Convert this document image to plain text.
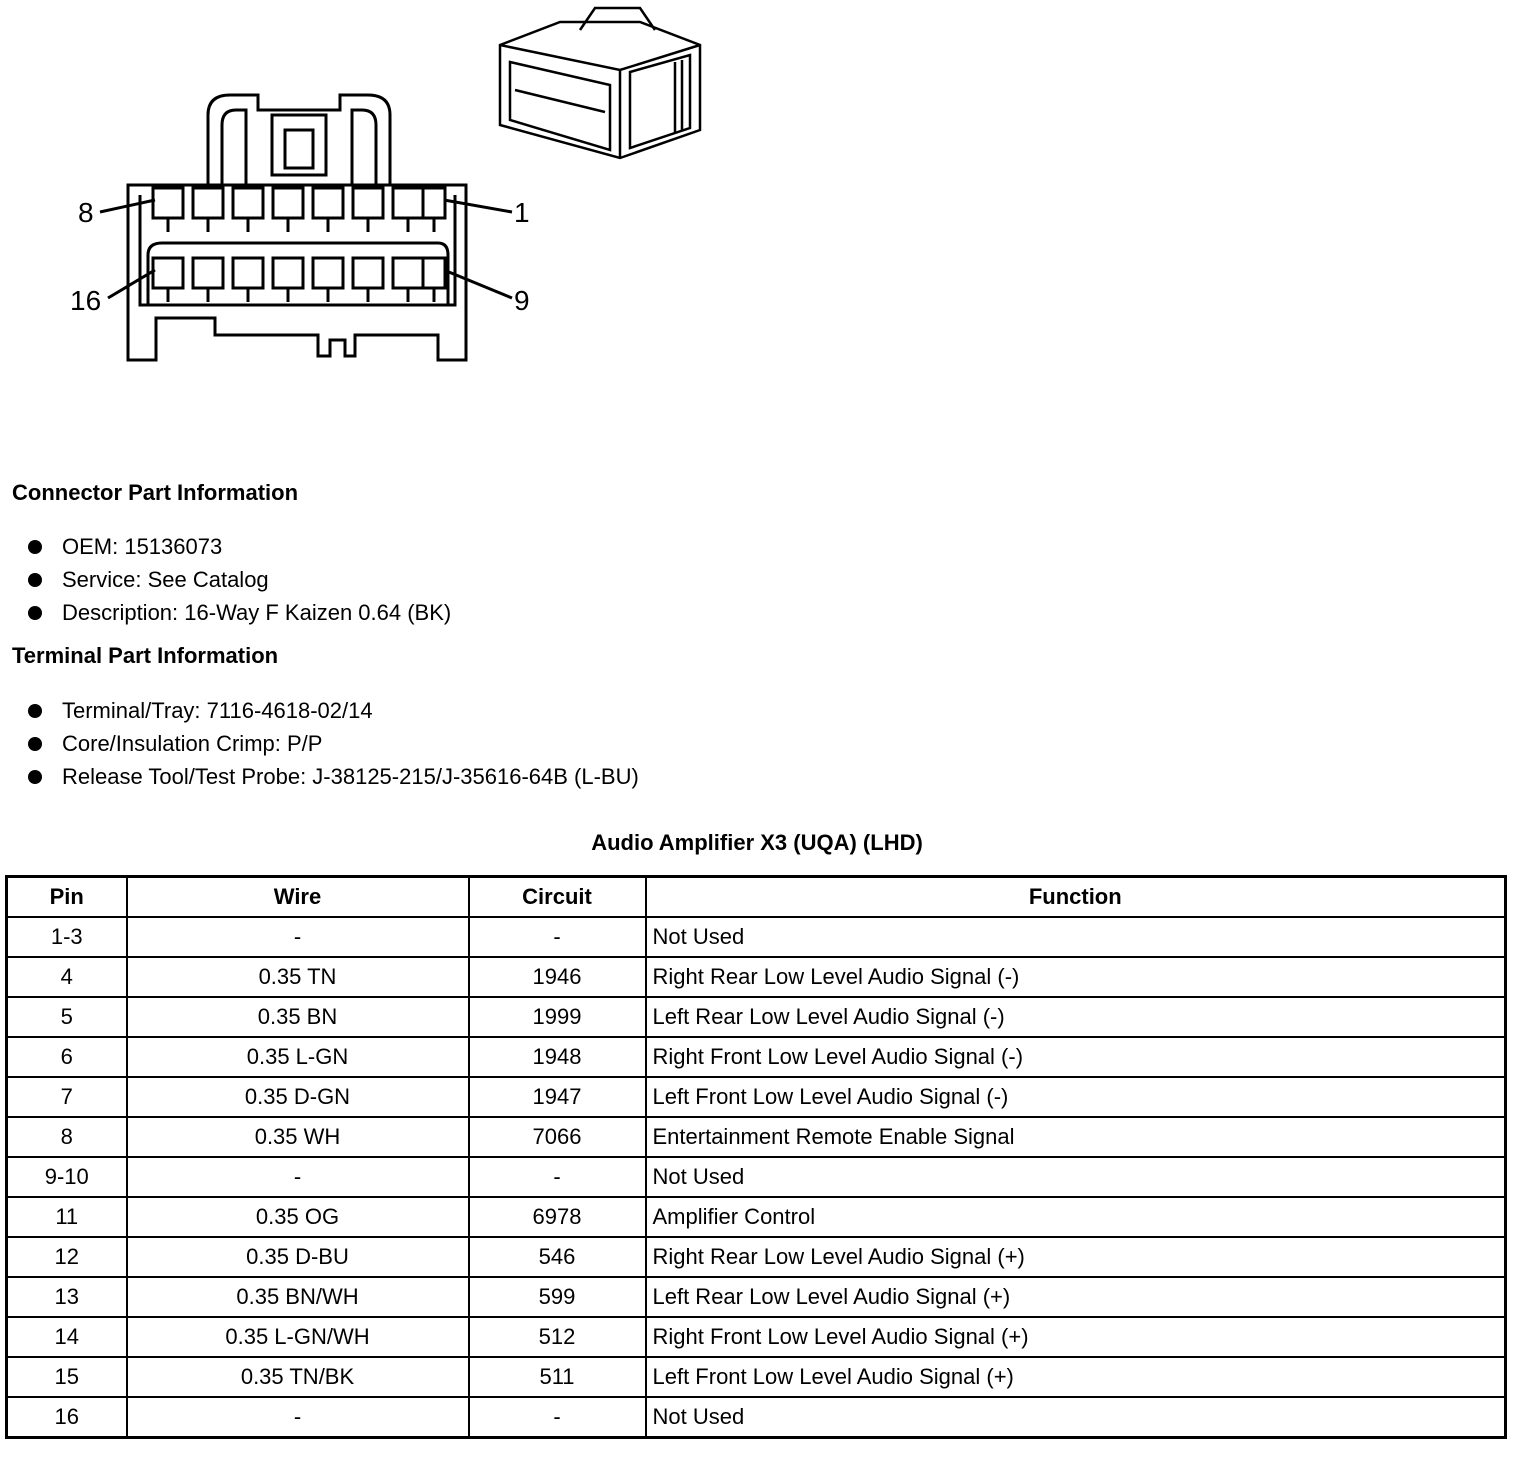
8	1
16	9
Connector Part Information
OEM: 15136073
Service: See Catalog
Description: 16-Way F Kaizen 0.64 (BK)
Terminal Part Information
Terminal/Tray: 7116-4618-02/14
Core/Insulation Crimp: P/P
Release Tool/Test Probe: J-38125-215/J-35616-64B (L-BU)
Audio Amplifier X3 (UQA) (LHD)
Pin	Wire	Circuit	Function
1-3	-	-	Not Used
4	0.35 TN	1946	Right Rear Low Level Audio Signal (-)
5	0.35 BN	1999	Left Rear Low Level Audio Signal (-)
6	0.35 L-GN	1948	Right Front Low Level Audio Signal (-)
7	0.35 D-GN	1947	Left Front Low Level Audio Signal (-)
8	0.35 WH	7066	Entertainment Remote Enable Signal
9-10	-	-	Not Used
11	0.35 OG	6978	Amplifier Control
12	0.35 D-BU	546	Right Rear Low Level Audio Signal (+)
13	0.35 BN/WH	599	Left Rear Low Level Audio Signal (+)
14	0.35 L-GN/WH	512	Right Front Low Level Audio Signal (+)
15	0.35 TN/BK	511	Left Front Low Level Audio Signal (+)
16	-	-	Not Used
